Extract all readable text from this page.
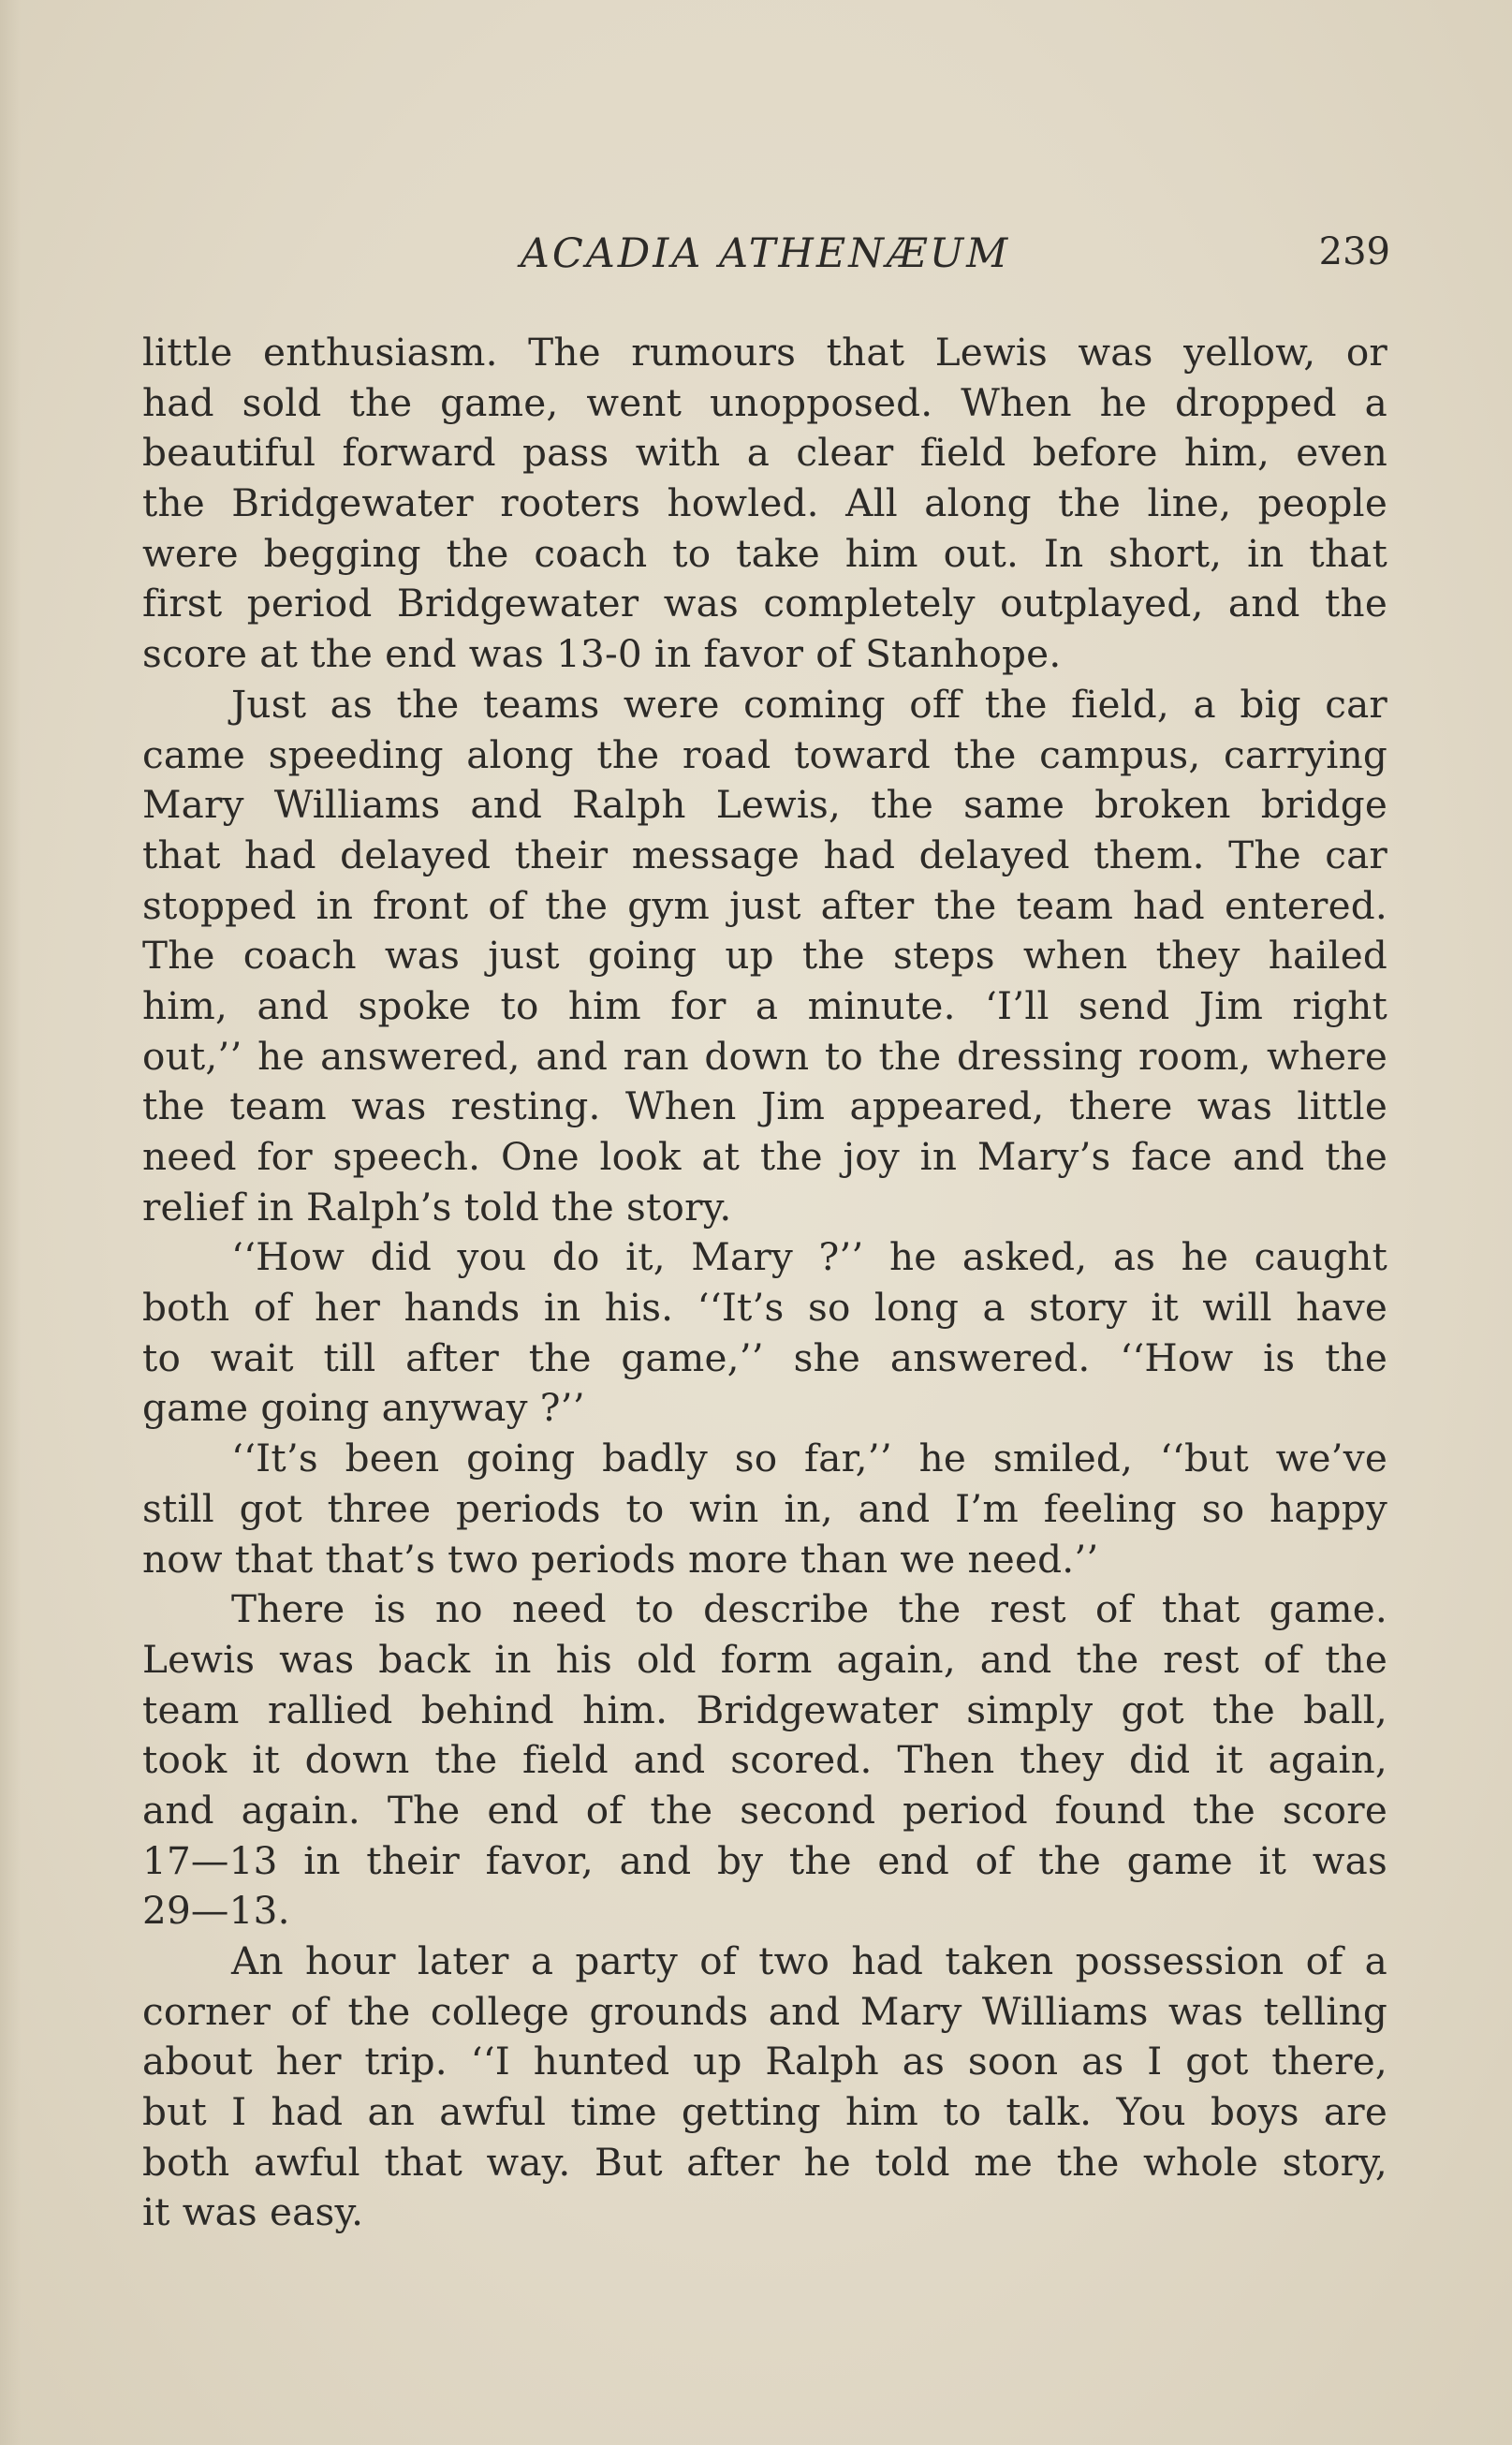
ACADIA ATHENÆUM	239
little enthusiasm. The rumours that Lewis was yellow, or
had sold the game, went unopposed. When he dropped a
beautiful forward pass with a clear field before him, even
the Bridgewater rooters howled. All along the line, people
were begging the coach to take him out. In short, in that
first period Bridgewater was completely outplayed, and the
score at the end was 13-0 in favor of Stanhope.
Just as the teams were coming off the field, a big car
came speeding along the road toward the campus, carrying
Mary Williams and Ralph Lewis, the same broken bridge
that had delayed their message had delayed them. The car
stopped in front of the gym just after the team had entered.
The coach was just going up the steps when they hailed
him, and spoke to him for a minute. ‘I’ll send Jim right
out,’’ he answered, and ran down to the dressing room, where
the team was resting. When Jim appeared, there was little
need for speech. One look at the joy in Mary’s face and the
relief in Ralph’s told the story.
‘‘How did you do it, Mary ?’’ he asked, as he caught
both of her hands in his. ‘‘It’s so long a story it will have
to wait till after the game,’’ she answered. ‘‘How is the
game going anyway ?’’
‘‘It’s been going badly so far,’’ he smiled, ‘‘but we’ve
still got three periods to win in, and I’m feeling so happy
now that that’s two periods more than we need.’’
There is no need to describe the rest of that game.
Lewis was back in his old form again, and the rest of the
team rallied behind him. Bridgewater simply got the ball,
took it down the field and scored. Then they did it again,
and again. The end of the second period found the score
17—13 in their favor, and by the end of the game it was
29—13.
An hour later a party of two had taken possession of a
corner of the college grounds and Mary Williams was telling
about her trip. ‘‘I hunted up Ralph as soon as I got there,
but I had an awful time getting him to talk. You boys are
both awful that way. But after he told me the whole story,
it was easy.
